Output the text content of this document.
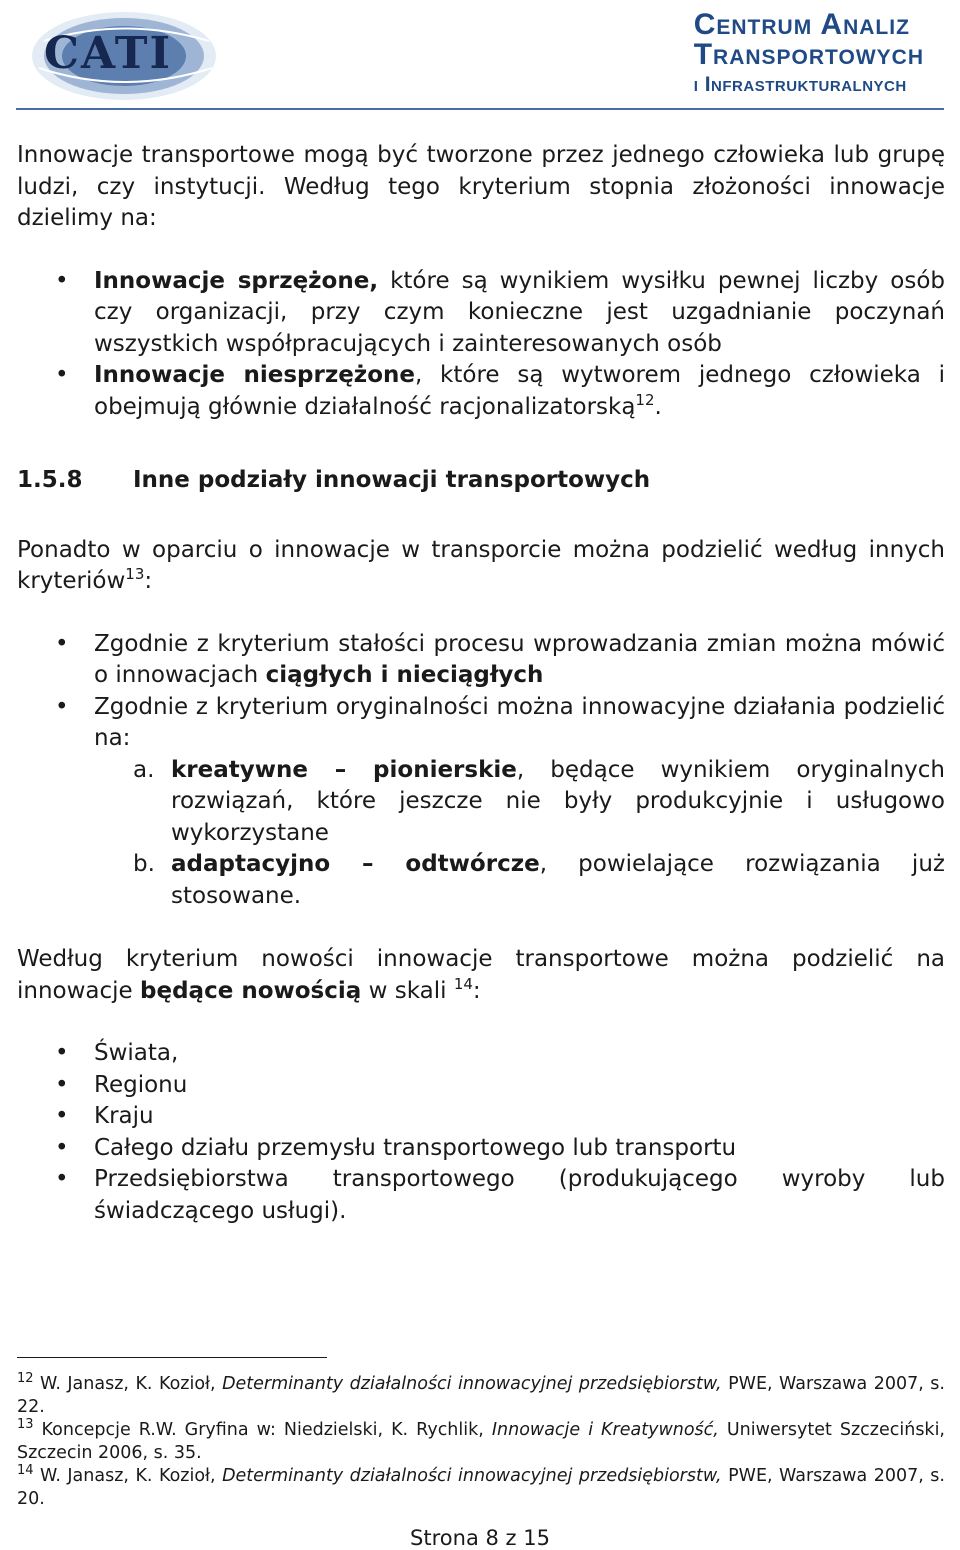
CATI
Centrum Analiz
Transportowych
i Infrastrukturalnych

Innowacje transportowe mogą być tworzone przez jednego człowieka lub grupę ludzi, czy instytucji. Według tego kryterium stopnia złożoności innowacje dzielimy na:

• Innowacje sprzężone, które są wynikiem wysiłku pewnej liczby osób czy organizacji, przy czym konieczne jest uzgadnianie poczynań wszystkich współpracujących i zainteresowanych osób
• Innowacje niesprzężone, które są wytworem jednego człowieka i obejmują głównie działalność racjonalizatorską$^{12}$.
1.5.8	Inne podziały innowacji transportowych

Ponadto w oparciu o innowacje w transporcie można podzielić według innych kryteriów$^{13}$:

• Zgodnie z kryterium stałości procesu wprowadzania zmian można mówić o innowacjach ciągłych i nieciągłych
• Zgodnie z kryterium oryginalności można innowacyjne działania podzielić na:
a. kreatywne – pionierskie, będące wynikiem oryginalnych rozwiązań, które jeszcze nie były produkcyjnie i usługowo wykorzystane
b. adaptacyjno – odtwórcze, powielające rozwiązania już stosowane.

Według kryterium nowości innowacje transportowe można podzielić na innowacje będące nowością w skali $^{14}$:

• Świata,
• Regionu
• Kraju
• Całego działu przemysłu transportowego lub transportu
• Przedsiębiorstwa transportowego (produkującego wyroby lub świadczącego usługi).

$^{12}$ W. Janasz, K. Kozioł, Determinanty działalności innowacyjnej przedsiębiorstw, PWE, Warszawa 2007, s. 22.

$^{13}$ Koncepcje R.W. Gryfina w: Niedzielski, K. Rychlik, Innowacje i Kreatywność, Uniwersytet Szczeciński, Szczecin 2006, s. 35.

$^{14}$ W. Janasz, K. Kozioł, Determinanty działalności innowacyjnej przedsiębiorstw, PWE, Warszawa 2007, s. 20.

Strona 8 z 15
